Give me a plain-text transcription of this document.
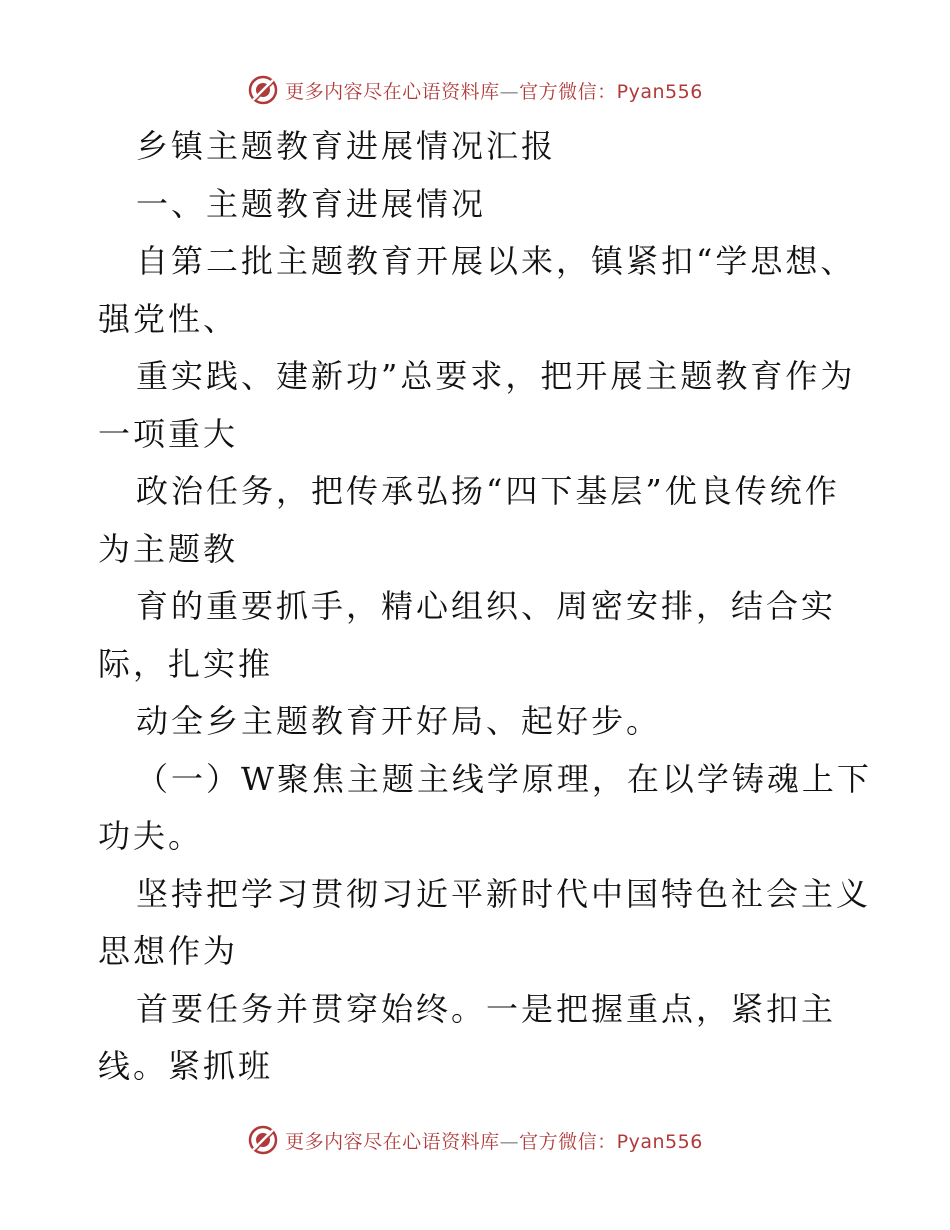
更多内容尽在心语资料库—官方微信：Pyan556
乡镇主题教育进展情况汇报
一、主题教育进展情况
自第二批主题教育开展以来，镇紧扣“学思想、
强党性、
重实践、建新功”总要求，把开展主题教育作为
一项重大
政治任务，把传承弘扬“四下基层”优良传统作
为主题教
育的重要抓手，精心组织、周密安排，结合实
际，扎实推
动全乡主题教育开好局、起好步。
（一）W聚焦主题主线学原理，在以学铸魂上下
功夫。
坚持把学习贯彻习近平新时代中国特色社会主义
思想作为
首要任务并贯穿始终。一是把握重点，紧扣主
线。紧抓班
更多内容尽在心语资料库—官方微信：Pyan556
